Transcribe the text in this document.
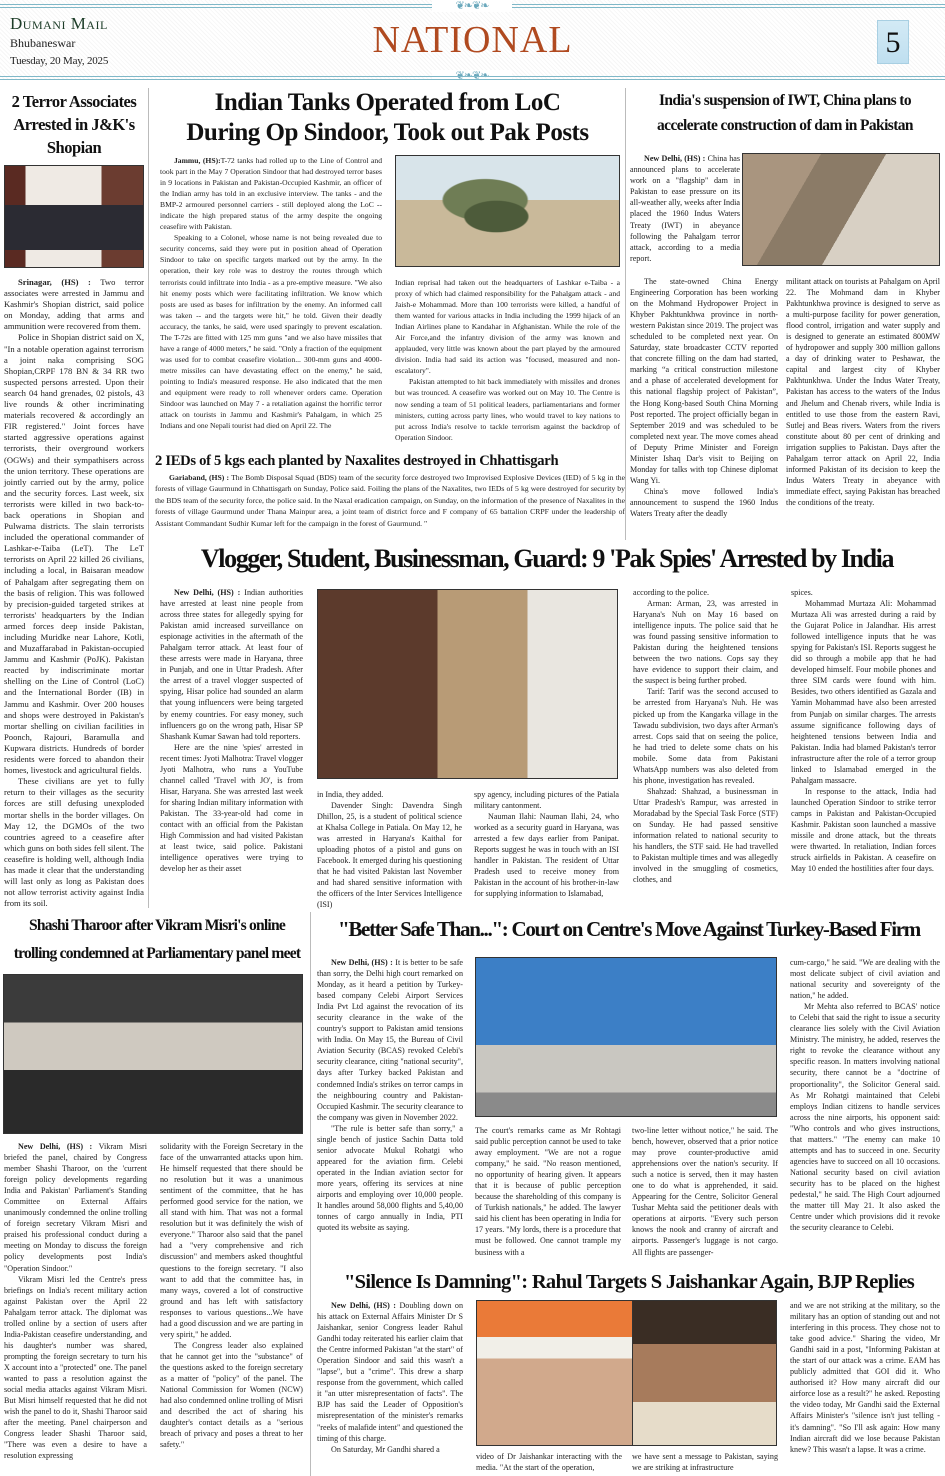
❦❧❦❧
Dumani Mail
Bhubaneswar
Tuesday, 20 May, 2025	NATIONAL	5
❦❧❦❧
2 Terror Associates Arrested in J&K's Shopian

Srinagar, (HS) : Two terror associates were arrested in Jammu and Kashmir's Shopian district, said police on Monday, adding that arms and ammunition were recovered from them.

Police in Shopian district said on X, "In a notable operation against terrorism a joint naka comprising SOG Shopian,CRPF 178 BN & 34 RR two suspected persons arrested. Upon their search 04 hand grenades, 02 pistols, 43 live rounds & other incriminating materials recovered & accordingly an FIR registered." Joint forces have started aggressive operations against terrorists, their overground workers (OGWs) and their sympathisers across the union territory. These operations are jointly carried out by the army, police and the security forces. Last week, six terrorists were killed in two back-to-back operations in Shopian and Pulwama districts. The slain terrorists included the operational commander of Lashkar-e-Taiba (LeT). The LeT terrorists on April 22 killed 26 civilians, including a local, in Baisaran meadow of Pahalgam after segregating them on the basis of religion. This was followed by precision-guided targeted strikes at terrorists' headquarters by the Indian armed forces deep inside Pakistan, including Muridke near Lahore, Kotli, and Muzaffarabad in Pakistan-occupied Jammu and Kashmir (PoJK). Pakistan reacted by indiscriminate mortar shelling on the Line of Control (LoC) and the International Border (IB) in Jammu and Kashmir. Over 200 houses and shops were destroyed in Pakistan's mortar shelling on civilian facilities in Poonch, Rajouri, Baramulla and Kupwara districts. Hundreds of border residents were forced to abandon their homes, livestock and agricultural fields.

These civilians are yet to fully return to their villages as the security forces are still defusing unexploded mortar shells in the border villages. On May 12, the DGMOs of the two countries agreed to a ceasefire after which guns on both sides fell silent. The ceasefire is holding well, although India has made it clear that the understanding will last only as long as Pakistan does not allow terrorist activity against India from its soil.

Indian Tanks Operated from LoC
During Op Sindoor, Took out Pak Posts

Jammu, (HS):T-72 tanks had rolled up to the Line of Control and took part in the May 7 Operation Sindoor that had destroyed terror bases in 9 locations in Pakistan and Pakistan-Occupied Kashmir, an officer of the Indian army has told in an exclusive interview. The tanks - and the BMP-2 armoured personnel carriers - still deployed along the LoC -- indicate the high prepared status of the army despite the ongoing ceasefire with Pakistan.

Speaking to a Colonel, whose name is not being revealed due to security concerns, said they were put in position ahead of Operation Sindoor to take on specific targets marked out by the army. In the operation, their key role was to destroy the routes through which terrorists could infiltrate into India - as a pre-emptive measure. "We also hit enemy posts which were facilitating infiltration. We know which posts are used as bases for infiltration by the enemy. An informed call was taken -- and the targets were hit," he told. Given their deadly accuracy, the tanks, he said, were used sparingly to prevent escalation. The T-72s are fitted with 125 mm guns "and we also have missiles that have a range of 4000 meters," he said. "Only a fraction of the equipment was used for to combat ceasefire violation... 300-mm guns and 4000-metre missiles can have devastating effect on the enemy," he said, pointing to India's measured response. He also indicated that the men and equipment were ready to roll whenever orders came. Operation Sindoor was launched on May 7 - a retaliation against the horrific terror attack on tourists in Jammu and Kashmir's Pahalgam, in which 25 Indians and one Nepali tourist had died on April 22. The

Indian reprisal had taken out the headquarters of Lashkar e-Taiba - a proxy of which had claimed responsibility for the Pahalgam attack - and Jaish-e Mohammad. More than 100 terrorists were killed, a handful of them wanted for various attacks in India including the 1999 hijack of an Indian Airlines plane to Kandahar in Afghanistan. While the role of the Air Force,and the infantry division of the army was known and applauded, very little was known about the part played by the armoured division. India had said its action was "focused, measured and non-escalatory".

Pakistan attempted to hit back immediately with missiles and drones but was trounced. A ceasefire was worked out on May 10. The Centre is now sending a team of 51 political leaders, parliamentarians and former ministers, cutting across party lines, who would travel to key nations to put across India's resolve to tackle terrorism against the backdrop of Operation Sindoor.

2 IEDs of 5 kgs each planted by Naxalites destroyed in Chhattisgarh

Gariaband, (HS) : The Bomb Disposal Squad (BDS) team of the security force destroyed two Improvised Explosive Devices (IED) of 5 kg in the forests of village Gaurmund in Chhattisgarh on Sunday, Police said. Foiling the plans of the Naxalites, two IEDs of 5 kg were destroyed for security by the BDS team of the security force, the police said. In the Naxal eradication campaign, on Sunday, on the information of the presence of Naxalites in the forests of village Gaurmund under Thana Mainpur area, a joint team of district force and F company of 65 battalion CRPF under the leadership of Assistant Commandant Sudhir Kumar left for the campaign in the forest of Gaurmund. "

India's suspension of IWT, China plans to
accelerate construction of dam in Pakistan

New Delhi, (HS) : China has announced plans to accelerate work on a "flagship" dam in Pakistan to ease pressure on its all-weather ally, weeks after India placed the 1960 Indus Waters Treaty (IWT) in abeyance following the Pahalgam terror attack, according to a media report.

The state-owned China Energy Engineering Corporation has been working on the Mohmand Hydropower Project in Khyber Pakhtunkhwa province in north-western Pakistan since 2019. The project was scheduled to be completed next year. On Saturday, state broadcaster CCTV reported that concrete filling on the dam had started, marking “a critical construction milestone and a phase of accelerated development for this national flagship project of Pakistan”, the Hong Kong-based South China Morning Post reported. The project officially began in September 2019 and was scheduled to be completed next year. The move comes ahead of Deputy Prime Minister and Foreign Minister Ishaq Dar's visit to Beijing on Monday for talks with top Chinese diplomat Wang Yi.

China's move followed India's announcement to suspend the 1960 Indus Waters Treaty after the deadly

militant attack on tourists at Pahalgam on April 22. The Mohmand dam in Khyber Pakhtunkhwa province is designed to serve as a multi-purpose facility for power generation, flood control, irrigation and water supply and is designed to generate an estimated 800MW of hydropower and supply 300 million gallons a day of drinking water to Peshawar, the capital and largest city of Khyber Pakhtunkhwa. Under the Indus Water Treaty, Pakistan has access to the waters of the Indus and Jhelum and Chenab rivers, while India is entitled to use those from the eastern Ravi, Sutlej and Beas rivers. Waters from the rivers constitute about 80 per cent of drinking and irrigation supplies to Pakistan. Days after the Pahalgam terror attack on April 22, India informed Pakistan of its decision to keep the Indus Waters Treaty in abeyance with immediate effect, saying Pakistan has breached the conditions of the treaty.

Vlogger, Student, Businessman, Guard: 9 'Pak Spies' Arrested by India

New Delhi, (HS) : Indian authorities have arrested at least nine people from across three states for allegedly spying for Pakistan amid increased surveillance on espionage activities in the aftermath of the Pahalgam terror attack. At least four of these arrests were made in Haryana, three in Punjab, and one in Uttar Pradesh. After the arrest of a travel vlogger suspected of spying, Hisar police had sounded an alarm that young influencers were being targeted by enemy countries. For easy money, such influencers go on the wrong path, Hisar SP Shashank Kumar Sawan had told reporters.

Here are the nine 'spies' arrested in recent times: Jyoti Malhotra: Travel vlogger Jyoti Malhotra, who runs a YouTube channel called 'Travel with JO', is from Hisar, Haryana. She was arrested last week for sharing Indian military information with Pakistan. The 33-year-old had come in contact with an official from the Pakistan High Commission and had visited Pakistan at least twice, said police. Pakistani intelligence operatives were trying to develop her as their asset

in India, they added.

Davender Singh: Davendra Singh Dhillon, 25, is a student of political science at Khalsa College in Patiala. On May 12, he was arrested in Haryana's Kaithal for uploading photos of a pistol and guns on Facebook. It emerged during his questioning that he had visited Pakistan last November and had shared sensitive information with the officers of the Inter Services Intelligence (ISI)

spy agency, including pictures of the Patiala military cantonment.

Nauman Ilahi: Nauman Ilahi, 24, who worked as a security guard in Haryana, was arrested a few days earlier from Panipat. Reports suggest he was in touch with an ISI handler in Pakistan. The resident of Uttar Pradesh used to receive money from Pakistan in the account of his brother-in-law for supplying information to Islamabad,

according to the police.

Arman: Arman, 23, was arrested in Haryana's Nuh on May 16 based on intelligence inputs. The police said that he was found passing sensitive information to Pakistan during the heightened tensions between the two nations. Cops say they have evidence to support their claim, and the suspect is being further probed.

Tarif: Tarif was the second accused to be arrested from Haryana's Nuh. He was picked up from the Kangarka village in the Tawadu subdivision, two days after Arman's arrest. Cops said that on seeing the police, he had tried to delete some chats on his mobile. Some data from Pakistani WhatsApp numbers was also deleted from his phone, investigation has revealed.

Shahzad: Shahzad, a businessman in Uttar Pradesh's Rampur, was arrested in Moradabad by the Special Task Force (STF) on Sunday. He had passed sensitive information related to national security to his handlers, the STF said. He had travelled to Pakistan multiple times and was allegedly involved in the smuggling of cosmetics, clothes, and

spices.

Mohammad Murtaza Ali: Mohammad Murtaza Ali was arrested during a raid by the Gujarat Police in Jalandhar. His arrest followed intelligence inputs that he was spying for Pakistan's ISI. Reports suggest he did so through a mobile app that he had developed himself. Four mobile phones and three SIM cards were found with him. Besides, two others identified as Gazala and Yamin Mohammad have also been arrested from Punjab on similar charges. The arrests assume significance following days of heightened tensions between India and Pakistan. India had blamed Pakistan's terror infrastructure after the role of a terror group linked to Islamabad emerged in the Pahalgam massacre.

In response to the attack, India had launched Operation Sindoor to strike terror camps in Pakistan and Pakistan-Occupied Kashmir. Pakistan soon launched a massive missile and drone attack, but the threats were thwarted. In retaliation, Indian forces struck airfields in Pakistan. A ceasefire on May 10 ended the hostilities after four days.

Shashi Tharoor after Vikram Misri's online
trolling condemned at Parliamentary panel meet

New Delhi, (HS) : Vikram Misri briefed the panel, chaired by Congress member Shashi Tharoor, on the 'current foreign policy developments regarding India and Pakistan' Parliament's Standing Committee on External Affairs unanimously condemned the online trolling of foreign secretary Vikram Misri and praised his professional conduct during a meeting on Monday to discuss the foreign policy developments post India's "Operation Sindoor."

Vikram Misri led the Centre's press briefings on India's recent military action against Pakistan over the April 22 Pahalgam terror attack. The diplomat was trolled online by a section of users after India-Pakistan ceasefire understanding, and his daughter's number was shared, prompting the foreign secretary to turn his X account into a "protected" one. The panel wanted to pass a resolution against the social media attacks against Vikram Misri. But Misri himself requested that he did not wish the panel to do it, Shashi Tharoor said after the meeting. Panel chairperson and Congress leader Shashi Tharoor said, "There was even a desire to have a resolution expressing

solidarity with the Foreign Secretary in the face of the unwarranted attacks upon him. He himself requested that there should be no resolution but it was a unanimous sentiment of the committee, that he has performed good service for the nation, we all stand with him. That was not a formal resolution but it was definitely the wish of everyone." Tharoor also said that the panel had a "very comprehensive and rich discussion" and members asked thoughtful questions to the foreign secretary. "I also want to add that the committee has, in many ways, covered a lot of constructive ground and has left with satisfactory responses to various questions...We have had a good discussion and we are parting in very spirit," he added.

The Congress leader also explained that he cannot get into the "substance" of the questions asked to the foreign secretary as a matter of "policy" of the panel. The National Commission for Women (NCW) had also condemned online trolling of Misri and described the act of sharing his daughter's contact details as a "serious breach of privacy and poses a threat to her safety."

"Better Safe Than...": Court on Centre's Move Against Turkey-Based Firm

New Delhi, (HS) : It is better to be safe than sorry, the Delhi high court remarked on Monday, as it heard a petition by Turkey-based company Celebi Airport Services India Pvt Ltd against the revocation of its security clearance in the wake of the country's support to Pakistan amid tensions with India. On May 15, the Bureau of Civil Aviation Security (BCAS) revoked Celebi's security clearance, citing "national security", days after Turkey backed Pakistan and condemned India's strikes on terror camps in the neighbouring country and Pakistan-Occupied Kashmir. The security clearance to the company was given in November 2022.

"The rule is better safe than sorry," a single bench of justice Sachin Datta told senior advocate Mukul Rohatgi who appeared for the aviation firm. Celebi operated in the Indian aviation sector for more years, offering its services at nine airports and employing over 10,000 people. It handles around 58,000 flights and 5,40,00 tonnes of cargo annually in India, PTI quoted its website as saying.

The court's remarks came as Mr Rohtagi said public perception cannot be used to take away employment. "We are not a rogue company," he said. "No reason mentioned, no opportunity of hearing given. It appears that it is because of public perception because the shareholding of this company is of Turkish nationals," he added. The lawyer said his client has been operating in India for 17 years. "My lords, there is a procedure that must be followed. One cannot trample my business with a

two-line letter without notice," he said. The bench, however, observed that a prior notice may prove counter-productive amid apprehensions over the nation's security. If such a notice is served, then it may hasten one to do what is apprehended, it said. Appearing for the Centre, Solicitor General Tushar Mehta said the petitioner deals with operations at airports. "Every such person knows the nook and cranny of aircraft and airports. Passenger's luggage is not cargo. All flights are passenger-

cum-cargo," he said. "We are dealing with the most delicate subject of civil aviation and national security and sovereignty of the nation," he added.

Mr Mehta also referred to BCAS' notice to Celebi that said the right to issue a security clearance lies solely with the Civil Aviation Ministry. The ministry, he added, reserves the right to revoke the clearance without any specific reason. In matters involving national security, there cannot be a "doctrine of proportionality", the Solicitor General said. As Mr Rohatgi maintained that Celebi employs Indian citizens to handle services across the nine airports, his opponent said: "Who controls and who gives instructions, that matters." "The enemy can make 10 attempts and has to succeed in one. Security agencies have to succeed on all 10 occasions. National security based on civil aviation security has to be placed on the highest pedestal," he said. The High Court adjourned the matter till May 21. It also asked the Centre under which provisions did it revoke the security clearance to Celebi.

"Silence Is Damning": Rahul Targets S Jaishankar Again, BJP Replies

New Delhi, (HS) : Doubling down on his attack on External Affairs Minister Dr S Jaishankar, senior Congress leader Rahul Gandhi today reiterated his earlier claim that the Centre informed Pakistan "at the start" of Operation Sindoor and said this wasn't a "lapse", but a "crime". This drew a sharp response from the government, which called it "an utter misrepresentation of facts". The BJP has said the Leader of Opposition's misrepresentation of the minister's remarks "reeks of malafide intent" and questioned the timing of this charge.

On Saturday, Mr Gandhi shared a

video of Dr Jaishankar interacting with the media. "At the start of the operation,

we have sent a message to Pakistan, saying we are striking at infrastructure

and we are not striking at the military, so the military has an option of standing out and not interfering in this process. They chose not to take good advice." Sharing the video, Mr Gandhi said in a post, "Informing Pakistan at the start of our attack was a crime. EAM has publicly admitted that GOI did it. Who authorised it? How many aircraft did our airforce lose as a result?" he asked. Reposting the video today, Mr Gandhi said the External Affairs Minister's "silence isn't just telling - it's damning". "So I'll ask again: How many Indian aircraft did we lose because Pakistan knew? This wasn't a lapse. It was a crime.
